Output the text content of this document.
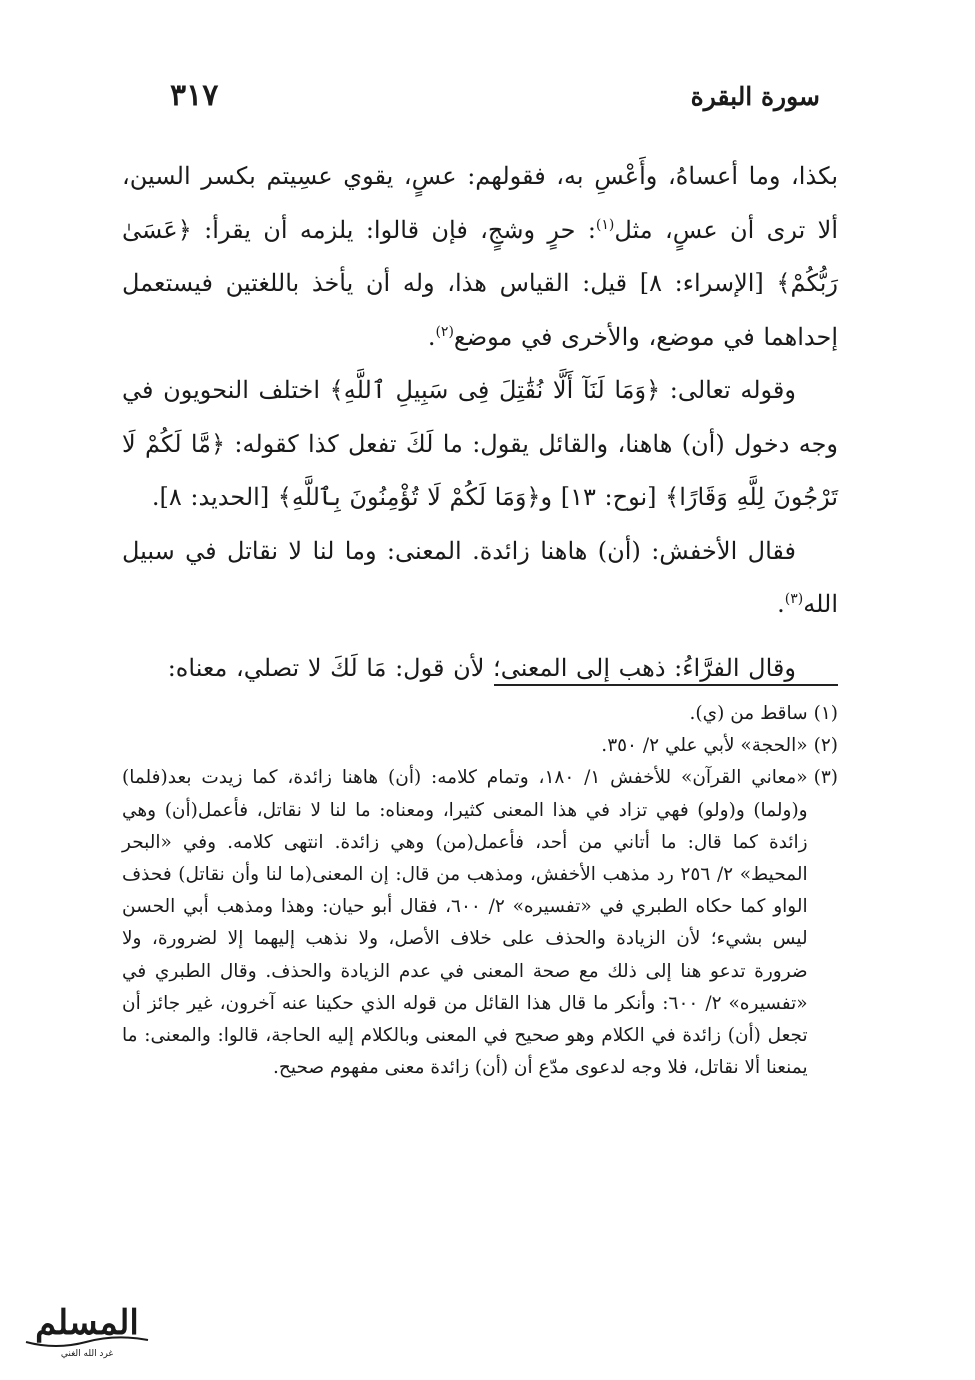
سورة البقرة
٣١٧

بكذا، وما أعساهُ، وأَعْسِ به، فقولهم: عسٍ، يقوي عسِيتم بكسر السين، ألا ترى أن عسٍ، مثل$^{(١)}$: حرٍ وشجٍ، فإن قالوا: يلزمه أن يقرأ: ﴿عَسَىٰ رَبُّكُمْ﴾ [الإسراء: ٨] قيل: القياس هذا، وله أن يأخذ باللغتين فيستعمل إحداهما في موضع، والأخرى في موضع$^{(٢)}$.

وقوله تعالى: ﴿وَمَا لَنَآ أَلَّا نُقَٰتِلَ فِى سَبِيلِ ٱللَّهِ﴾ اختلف النحويون في وجه دخول (أن) هاهنا، والقائل يقول: ما لَكَ تفعل كذا كقوله: ﴿مَّا لَكُمْ لَا تَرْجُونَ لِلَّهِ وَقَارًا﴾ [نوح: ١٣] و﴿وَمَا لَكُمْ لَا تُؤْمِنُونَ بِٱللَّهِ﴾ [الحديد: ٨].

فقال الأخفش: (أن) هاهنا زائدة. المعنى: وما لنا لا نقاتل في سبيل الله$^{(٣)}$.

وقال الفرَّاءُ: ذهب إلى المعنى؛ لأن قول: مَا لَكَ لا تصلي، معناه:

(١)
ساقط من (ي).

(٢)
«الحجة» لأبي علي ٢/ ٣٥٠.

(٣)
«معاني القرآن» للأخفش ١/ ١٨٠، وتمام كلامه: (أن) هاهنا زائدة، كما زيدت بعد(فلما) و(ولما) و(ولو) فهي تزاد في هذا المعنى كثيرا، ومعناه: ما لنا لا نقاتل، فأعمل(أن) وهي زائدة كما قال: ما أتاني من أحد، فأعمل(من) وهي زائدة. انتهى كلامه. وفي «البحر المحيط» ٢/ ٢٥٦ رد مذهب الأخفش، ومذهب من قال: إن المعنى(ما لنا وأن نقاتل) فحذف الواو كما حكاه الطبري في «تفسيره» ٢/ ٦٠٠، فقال أبو حيان: وهذا ومذهب أبي الحسن ليس بشيء؛ لأن الزيادة والحذف على خلاف الأصل، ولا نذهب إليهما إلا لضرورة، ولا ضرورة تدعو هنا إلى ذلك مع صحة المعنى في عدم الزيادة والحذف. وقال الطبري في «تفسيره» ٢/ ٦٠٠: وأنكر ما قال هذا القائل من قوله الذي حكينا عنه آخرون، غير جائز أن تجعل (أن) زائدة في الكلام وهو صحيح في المعنى وبالكلام إليه الحاجة، قالوا: والمعنى: ما يمنعنا ألا نقاتل، فلا وجه لدعوى مدّع أن (أن) زائدة معنى مفهوم صحيح.

المسلم
غرد الله الغني
